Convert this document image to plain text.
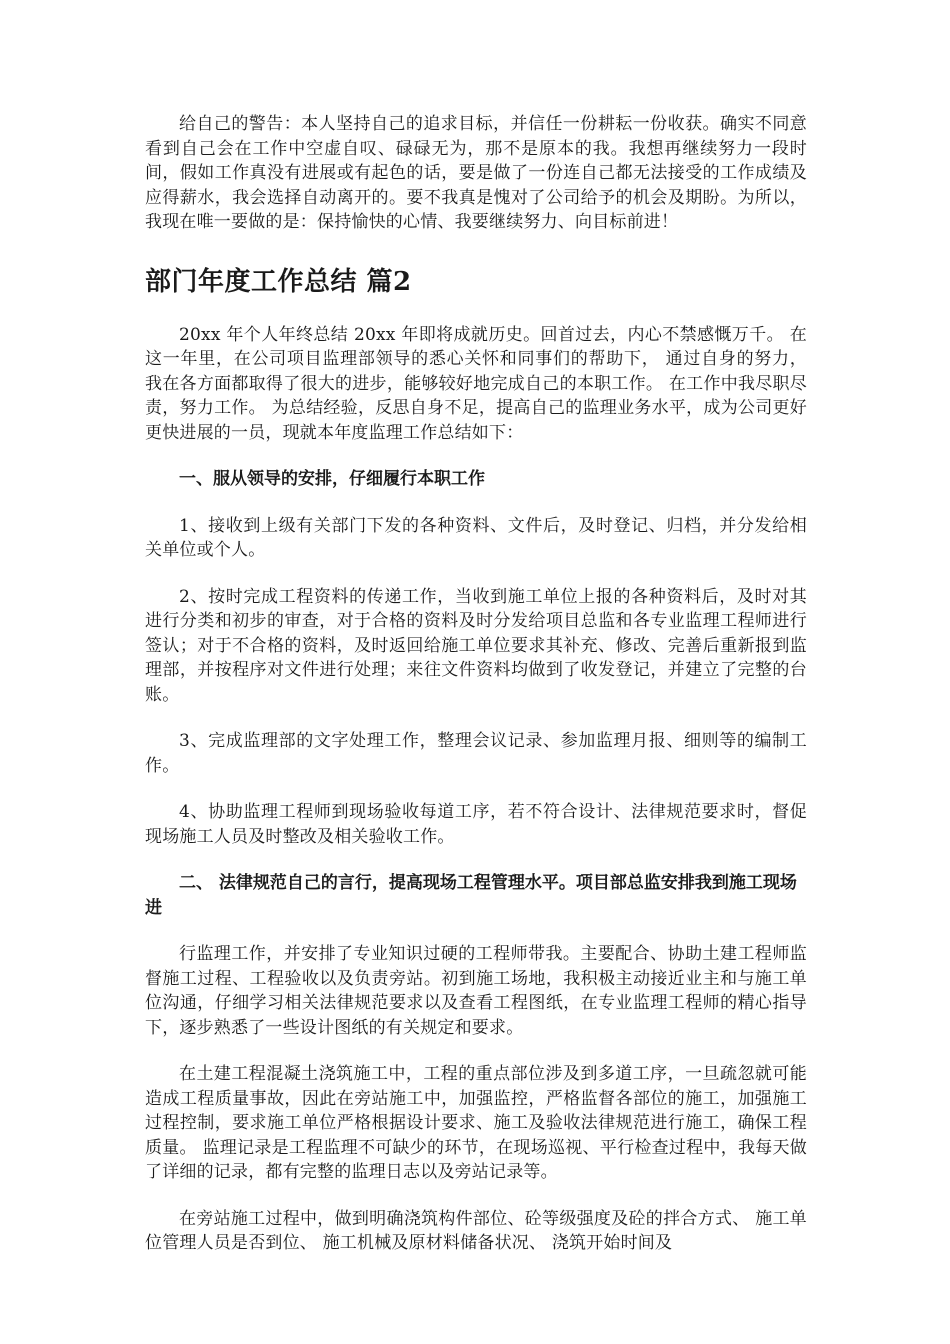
给自己的警告：本人坚持自己的追求目标，并信任一份耕耘一份收获。确实不同意看到自己会在工作中空虚自叹、碌碌无为，那不是原本的我。我想再继续努力一段时间，假如工作真没有进展或有起色的话，要是做了一份连自己都无法接受的工作成绩及应得薪水，我会选择自动离开的。要不我真是愧对了公司给予的机会及期盼。为所以，我现在唯一要做的是：保持愉快的心情、我要继续努力、向目标前进！

部门年度工作总结 篇2

20xx 年个人年终总结 20xx 年即将成就历史。回首过去，内心不禁感慨万千。 在这一年里，在公司项目监理部领导的悉心关怀和同事们的帮助下， 通过自身的努力， 我在各方面都取得了很大的进步，能够较好地完成自己的本职工作。 在工作中我尽职尽责，努力工作。 为总结经验，反思自身不足，提高自己的监理业务水平，成为公司更好更快进展的一员，现就本年度监理工作总结如下：

一、服从领导的安排，仔细履行本职工作

1、接收到上级有关部门下发的各种资料、文件后，及时登记、归档，并分发给相关单位或个人。

2、按时完成工程资料的传递工作，当收到施工单位上报的各种资料后，及时对其进行分类和初步的审查，对于合格的资料及时分发给项目总监和各专业监理工程师进行签认；对于不合格的资料，及时返回给施工单位要求其补充、修改、完善后重新报到监理部，并按程序对文件进行处理；来往文件资料均做到了收发登记，并建立了完整的台账。

3、完成监理部的文字处理工作，整理会议记录、参加监理月报、细则等的编制工作。

4、协助监理工程师到现场验收每道工序，若不符合设计、法律规范要求时，督促现场施工人员及时整改及相关验收工作。

二、 法律规范自己的言行，提高现场工程管理水平。项目部总监安排我到施工现场进

行监理工作，并安排了专业知识过硬的工程师带我。主要配合、协助土建工程师监督施工过程、工程验收以及负责旁站。初到施工场地，我积极主动接近业主和与施工单位沟通，仔细学习相关法律规范要求以及查看工程图纸，在专业监理工程师的精心指导下，逐步熟悉了一些设计图纸的有关规定和要求。

在土建工程混凝土浇筑施工中，工程的重点部位涉及到多道工序，一旦疏忽就可能造成工程质量事故，因此在旁站施工中，加强监控，严格监督各部位的施工，加强施工过程控制，要求施工单位严格根据设计要求、施工及验收法律规范进行施工，确保工程质量。 监理记录是工程监理不可缺少的环节，在现场巡视、平行检查过程中，我每天做了详细的记录，都有完整的监理日志以及旁站记录等。

在旁站施工过程中，做到明确浇筑构件部位、砼等级强度及砼的拌合方式、 施工单位管理人员是否到位、 施工机械及原材料储备状况、 浇筑开始时间及
